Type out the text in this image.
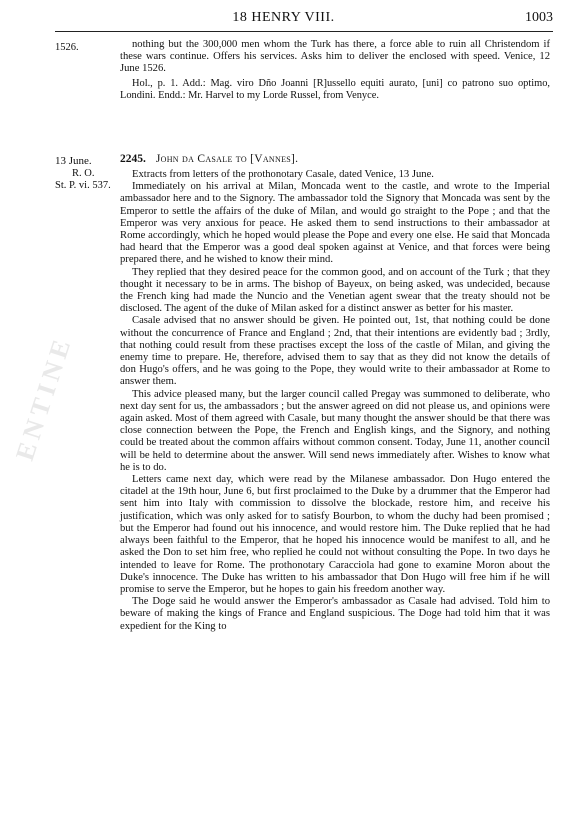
18 HENRY VIII.	1003
1526.	nothing but the 300,000 men whom the Turk has there, a force able to ruin all Christendom if these wars continue. Offers his services. Asks him to deliver the enclosed with speed. Venice, 12 June 1526.

Hol., p. 1. Add.: Mag. viro Dño Joanni [R]ussello equiti aurato, [uni] co patrono suo optimo, Londini. Endd.: Mr. Harvel to my Lorde Russel, from Venyce.

13 June.
R. O.
St. P. vi. 537.
2245. John da Casale to [Vannes].

Extracts from letters of the prothonotary Casale, dated Venice, 13 June.

Immediately on his arrival at Milan, Moncada went to the castle, and wrote to the Imperial ambassador here and to the Signory. The ambassador told the Signory that Moncada was sent by the Emperor to settle the affairs of the duke of Milan, and would go straight to the Pope ; and that the Emperor was very anxious for peace. He asked them to send instructions to their ambassador at Rome accordingly, which he hoped would please the Pope and every one else. He said that Moncada had heard that the Emperor was a good deal spoken against at Venice, and that forces were being prepared there, and he wished to know their mind.

They replied that they desired peace for the common good, and on account of the Turk ; that they thought it necessary to be in arms. The bishop of Bayeux, on being asked, was undecided, because the French king had made the Nuncio and the Venetian agent swear that the treaty should not be disclosed. The agent of the duke of Milan asked for a distinct answer as better for his master.

Casale advised that no answer should be given. He pointed out, 1st, that nothing could be done without the concurrence of France and England ; 2nd, that their intentions are evidently bad ; 3rdly, that nothing could result from these practises except the loss of the castle of Milan, and giving the enemy time to prepare. He, therefore, advised them to say that as they did not know the details of don Hugo's offers, and he was going to the Pope, they would write to their ambassador at Rome to answer them.

This advice pleased many, but the larger council called Pregay was summoned to deliberate, who next day sent for us, the ambassadors ; but the answer agreed on did not please us, and opinions were again asked. Most of them agreed with Casale, but many thought the answer should be that there was close connection between the Pope, the French and English kings, and the Signory, and nothing could be treated about the common affairs without common consent. Today, June 11, another council will be held to determine about the answer. Will send news immediately after. Wishes to know what he is to do.

Letters came next day, which were read by the Milanese ambassador. Don Hugo entered the citadel at the 19th hour, June 6, but first proclaimed to the Duke by a drummer that the Emperor had sent him into Italy with commission to dissolve the blockade, restore him, and receive his justification, which was only asked for to satisfy Bourbon, to whom the duchy had been promised ; but the Emperor had found out his innocence, and would restore him. The Duke replied that he had always been faithful to the Emperor, that he hoped his innocence would be manifest to all, and he asked the Don to set him free, who replied he could not without consulting the Pope. In two days he intended to leave for Rome. The prothonotary Caracciola had gone to examine Moron about the Duke's innocence. The Duke has written to his ambassador that Don Hugo will free him if he will promise to serve the Emperor, but he hopes to gain his freedom another way.

The Doge said he would answer the Emperor's ambassador as Casale had advised. Told him to beware of making the kings of France and England suspicious. The Doge had told him that it was expedient for the King to

ENTINE
